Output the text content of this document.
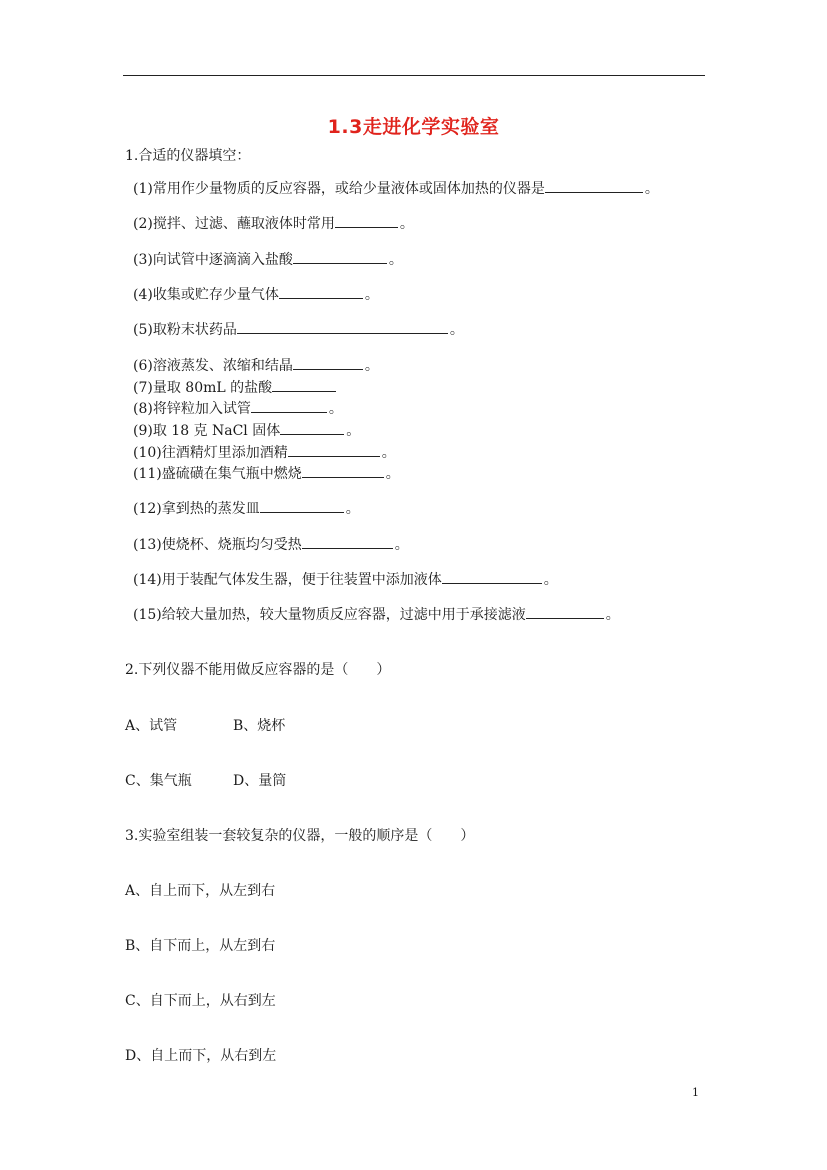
1.3走进化学实验室
1.合适的仪器填空：
(1)常用作少量物质的反应容器，或给少量液体或固体加热的仪器是	。
(2)搅拌、过滤、蘸取液体时常用	。
(3)向试管中逐滴滴入盐酸	。
(4)收集或贮存少量气体	。
(5)取粉末状药品	。
(6)溶液蒸发、浓缩和结晶	。
(7)量取 80mL 的盐酸
(8)将锌粒加入试管	。
(9)取 18 克 NaCl 固体	。
(10)往酒精灯里添加酒精	。
(11)盛硫磺在集气瓶中燃烧	。
(12)拿到热的蒸发皿	。
(13)使烧杯、烧瓶均匀受热	。
(14)用于装配气体发生器，便于往装置中添加液体	。
(15)给较大量加热，较大量物质反应容器，过滤中用于承接滤液	。
2.下列仪器不能用做反应容器的是（　　）
A、试管	B、烧杯
C、集气瓶	D、量筒
3.实验室组装一套较复杂的仪器，一般的顺序是（　　）
A、自上而下，从左到右
B、自下而上，从左到右
C、自下而上，从右到左
D、自上而下，从右到左
1
